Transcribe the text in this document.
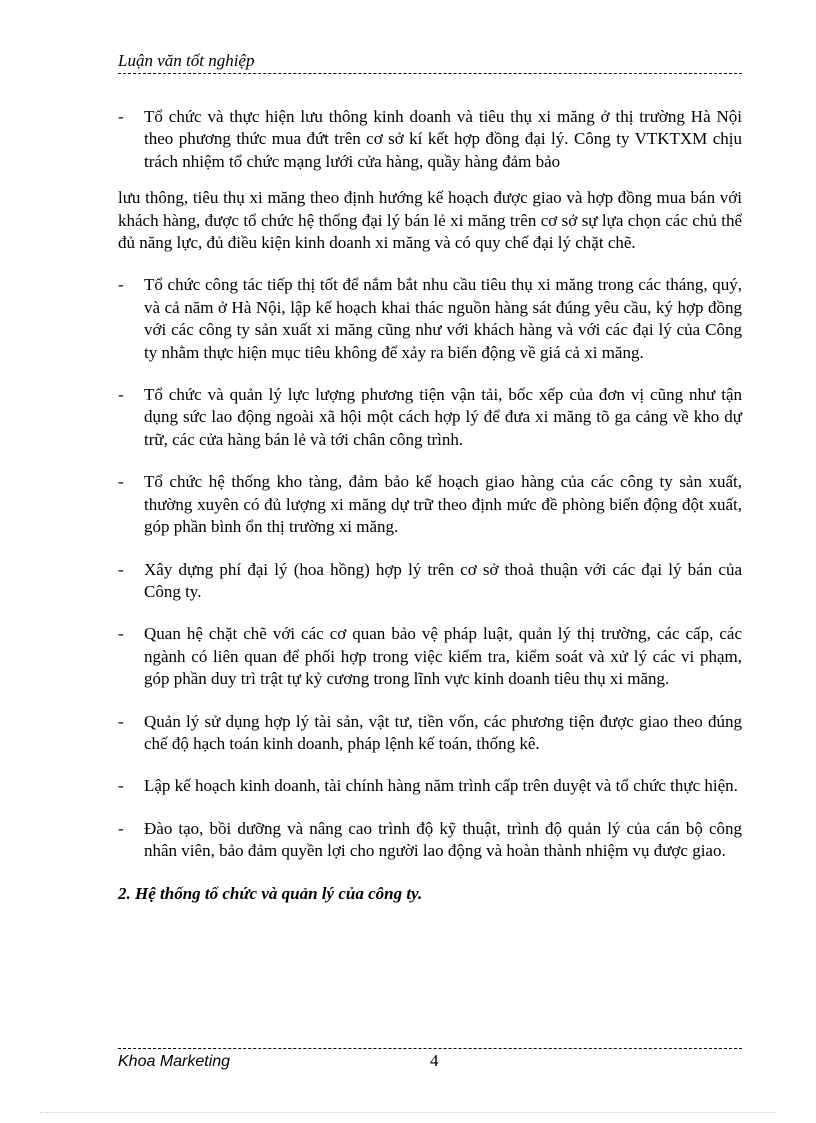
Luận văn tốt nghiệp
- Tổ chức và thực hiện lưu thông kinh doanh và tiêu thụ xi măng ở thị trường Hà Nội theo phương thức mua đứt trên cơ sở kí kết hợp đồng đại lý. Công ty VTKTXM chịu trách nhiệm tổ chức mạng lưới cửa hàng, quầy hàng đảm bảo
lưu thông, tiêu thụ xi măng theo định hướng kế hoạch được giao và hợp đồng mua bán với khách hàng, được tổ chức hệ thống đại lý bán lẻ xi măng trên cơ sở sự lựa chọn các chủ thể đủ năng lực, đủ điều kiện kinh doanh xi măng và có quy chế đại lý chặt chẽ.
- Tổ chức công tác tiếp thị tốt để nắm bắt nhu cầu tiêu thụ xi măng trong các tháng, quý, và cả năm ở Hà Nội, lập kế hoạch khai thác nguồn hàng sát đúng yêu cầu, ký hợp đồng với các công ty sản xuất xi măng cũng như với khách hàng và với các đại lý của Công ty nhằm thực hiện mục tiêu không để xảy ra biến động về giá cả xi măng.
- Tổ chức và quản lý lực lượng phương tiện vận tải, bốc xếp của đơn vị cũng như tận dụng sức lao động ngoài xã hội một cách hợp lý để đưa xi măng tõ ga cảng về kho dự trữ, các cửa hàng bán lẻ và tới chân công trình.
- Tổ chức hệ thống kho tàng, đảm bảo kế hoạch giao hàng của các công ty sản xuất, thường xuyên có đủ lượng xi măng dự trữ theo định mức đề phòng biến động đột xuất, góp phần bình ổn thị trường xi măng.
- Xây dựng phí đại lý (hoa hồng) hợp lý trên cơ sở thoả thuận với các đại lý bán của Công ty.
- Quan hệ chặt chẽ với các cơ quan bảo vệ pháp luật, quản lý thị trường, các cấp, các ngành có liên quan để phối hợp trong việc kiểm tra, kiểm soát và xử lý các vi phạm, góp phần duy trì trật tự kỷ cương trong lĩnh vực kinh doanh tiêu thụ xi măng.
- Quản lý sử dụng hợp lý tài sản, vật tư, tiền vốn, các phương tiện được giao theo đúng chế độ hạch toán kinh doanh, pháp lệnh kế toán, thống kê.
- Lập kế hoạch kinh doanh, tài chính hàng năm trình cấp trên duyệt và tổ chức thực hiện.
- Đào tạo, bồi dưỡng và nâng cao trình độ kỹ thuật, trình độ quản lý của cán bộ công nhân viên, bảo đảm quyền lợi cho người lao động và hoàn thành nhiệm vụ được giao.
2. Hệ thống tổ chức và quản lý của công ty.
Khoa Marketing	4
